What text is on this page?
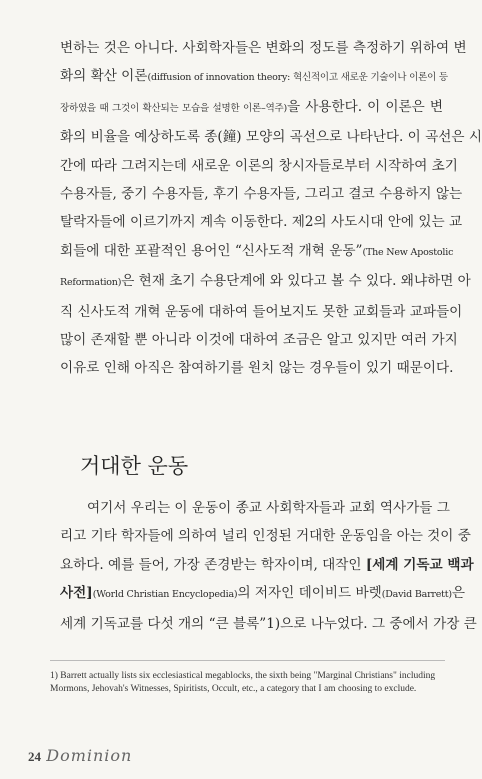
변하는 것은 아니다. 사회학자들은 변화의 정도를 측정하기 위하여 변
화의 확산 이론(diffusion of innovation theory: 혁신적이고 새로운 기술이나 이론이 등
장하였을 때 그것이 확산되는 모습을 설명한 이론–역주)을 사용한다. 이 이론은 변
화의 비율을 예상하도록 종(鐘) 모양의 곡선으로 나타난다. 이 곡선은 시
간에 따라 그려지는데 새로운 이론의 창시자들로부터 시작하여 초기
수용자들, 중기 수용자들, 후기 수용자들, 그리고 결코 수용하지 않는
탈락자들에 이르기까지 계속 이동한다. 제2의 사도시대 안에 있는 교
회들에 대한 포괄적인 용어인 “신사도적 개혁 운동”(The New Apostolic
Reformation)은 현재 초기 수용단계에 와 있다고 볼 수 있다. 왜냐하면 아
직 신사도적 개혁 운동에 대하여 들어보지도 못한 교회들과 교파들이
많이 존재할 뿐 아니라 이것에 대하여 조금은 알고 있지만 여러 가지
이유로 인해 아직은 참여하기를 원치 않는 경우들이 있기 때문이다.
거대한 운동
여기서 우리는 이 운동이 종교 사회학자들과 교회 역사가들 그
리고 기타 학자들에 의하여 널리 인정된 거대한 운동임을 아는 것이 중
요하다. 예를 들어, 가장 존경받는 학자이며, 대작인 [세계 기독교 백과
사전](World Christian Encyclopedia)의 저자인 데이비드 바렛(David Barrett)은
세계 기독교를 다섯 개의 “큰 블록”1)으로 나누었다. 그 중에서 가장 큰

1) Barrett actually lists six ecclesiastical megablocks, the sixth being "Marginal Christians" including Mormons, Jehovah's Witnesses, Spiritists, Occult, etc., a category that I am choosing to exclude.

24 Dominion
